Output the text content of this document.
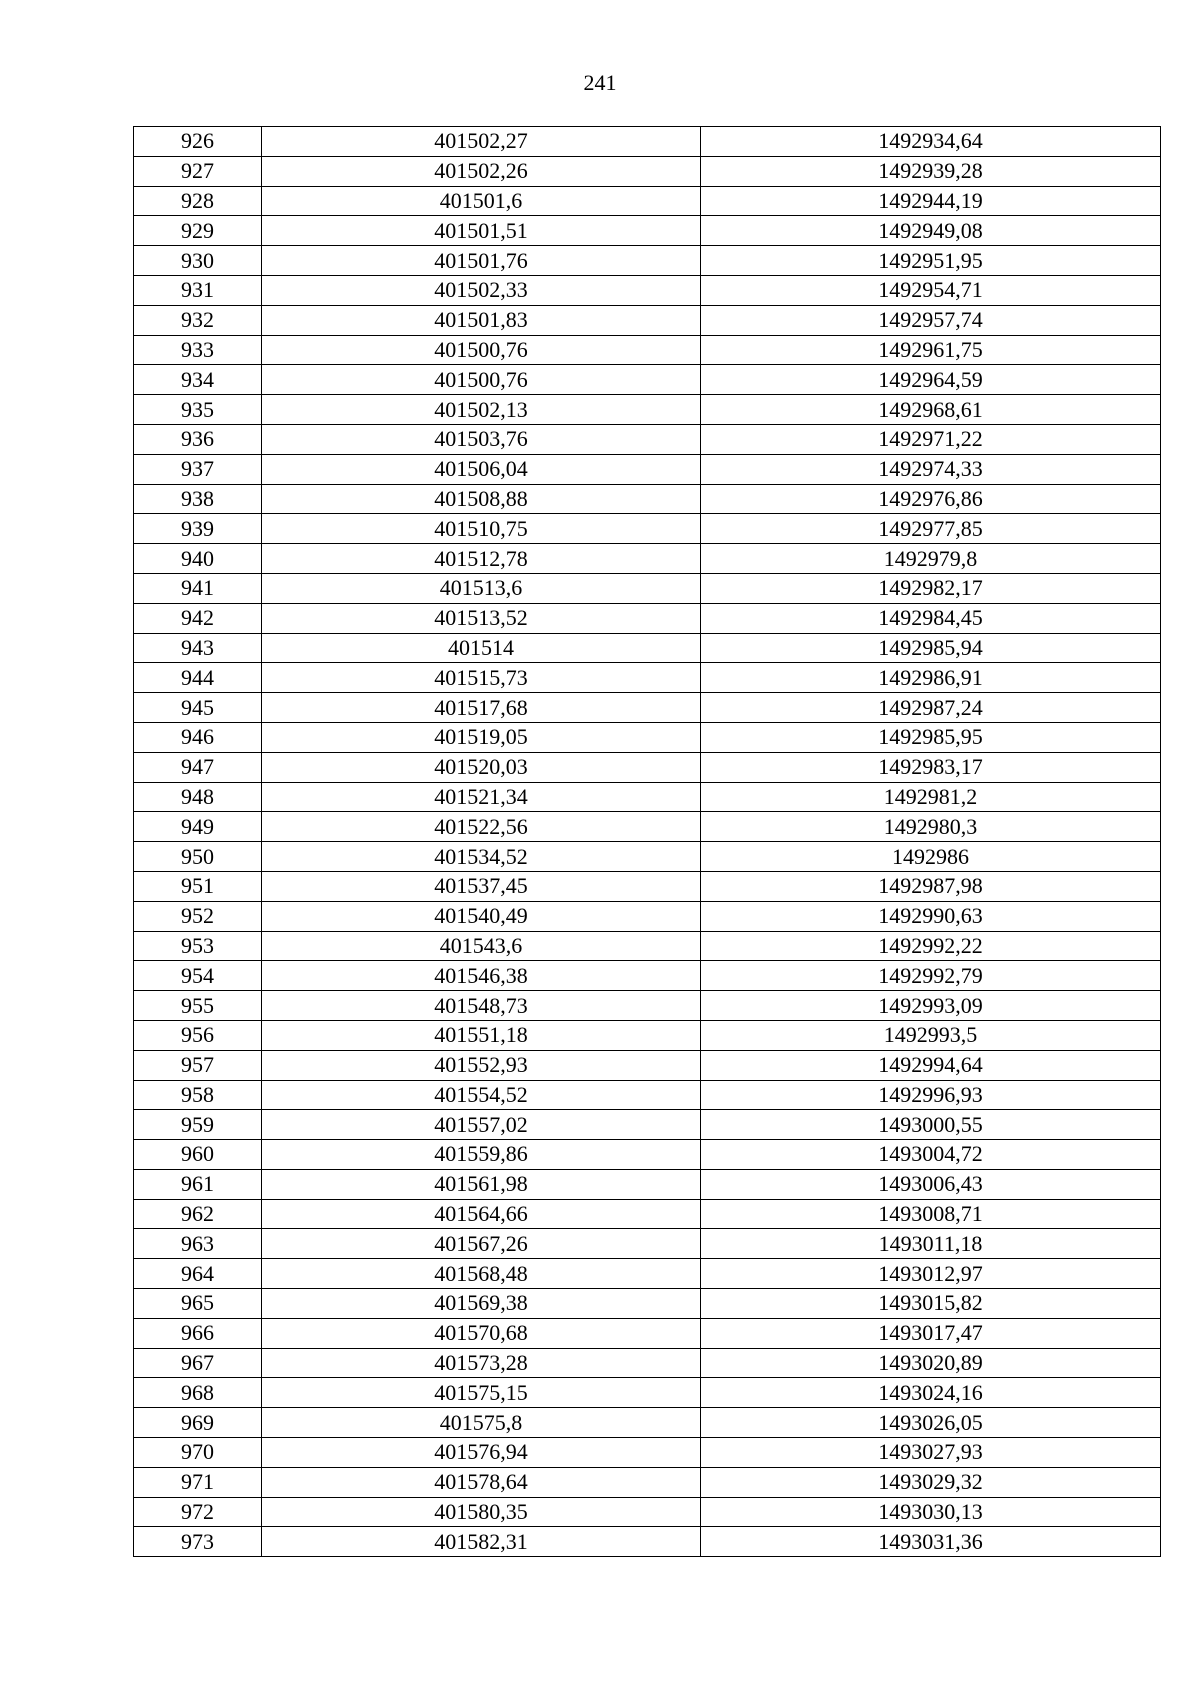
241
926	401502,27	1492934,64
927	401502,26	1492939,28
928	401501,6	1492944,19
929	401501,51	1492949,08
930	401501,76	1492951,95
931	401502,33	1492954,71
932	401501,83	1492957,74
933	401500,76	1492961,75
934	401500,76	1492964,59
935	401502,13	1492968,61
936	401503,76	1492971,22
937	401506,04	1492974,33
938	401508,88	1492976,86
939	401510,75	1492977,85
940	401512,78	1492979,8
941	401513,6	1492982,17
942	401513,52	1492984,45
943	401514	1492985,94
944	401515,73	1492986,91
945	401517,68	1492987,24
946	401519,05	1492985,95
947	401520,03	1492983,17
948	401521,34	1492981,2
949	401522,56	1492980,3
950	401534,52	1492986
951	401537,45	1492987,98
952	401540,49	1492990,63
953	401543,6	1492992,22
954	401546,38	1492992,79
955	401548,73	1492993,09
956	401551,18	1492993,5
957	401552,93	1492994,64
958	401554,52	1492996,93
959	401557,02	1493000,55
960	401559,86	1493004,72
961	401561,98	1493006,43
962	401564,66	1493008,71
963	401567,26	1493011,18
964	401568,48	1493012,97
965	401569,38	1493015,82
966	401570,68	1493017,47
967	401573,28	1493020,89
968	401575,15	1493024,16
969	401575,8	1493026,05
970	401576,94	1493027,93
971	401578,64	1493029,32
972	401580,35	1493030,13
973	401582,31	1493031,36
